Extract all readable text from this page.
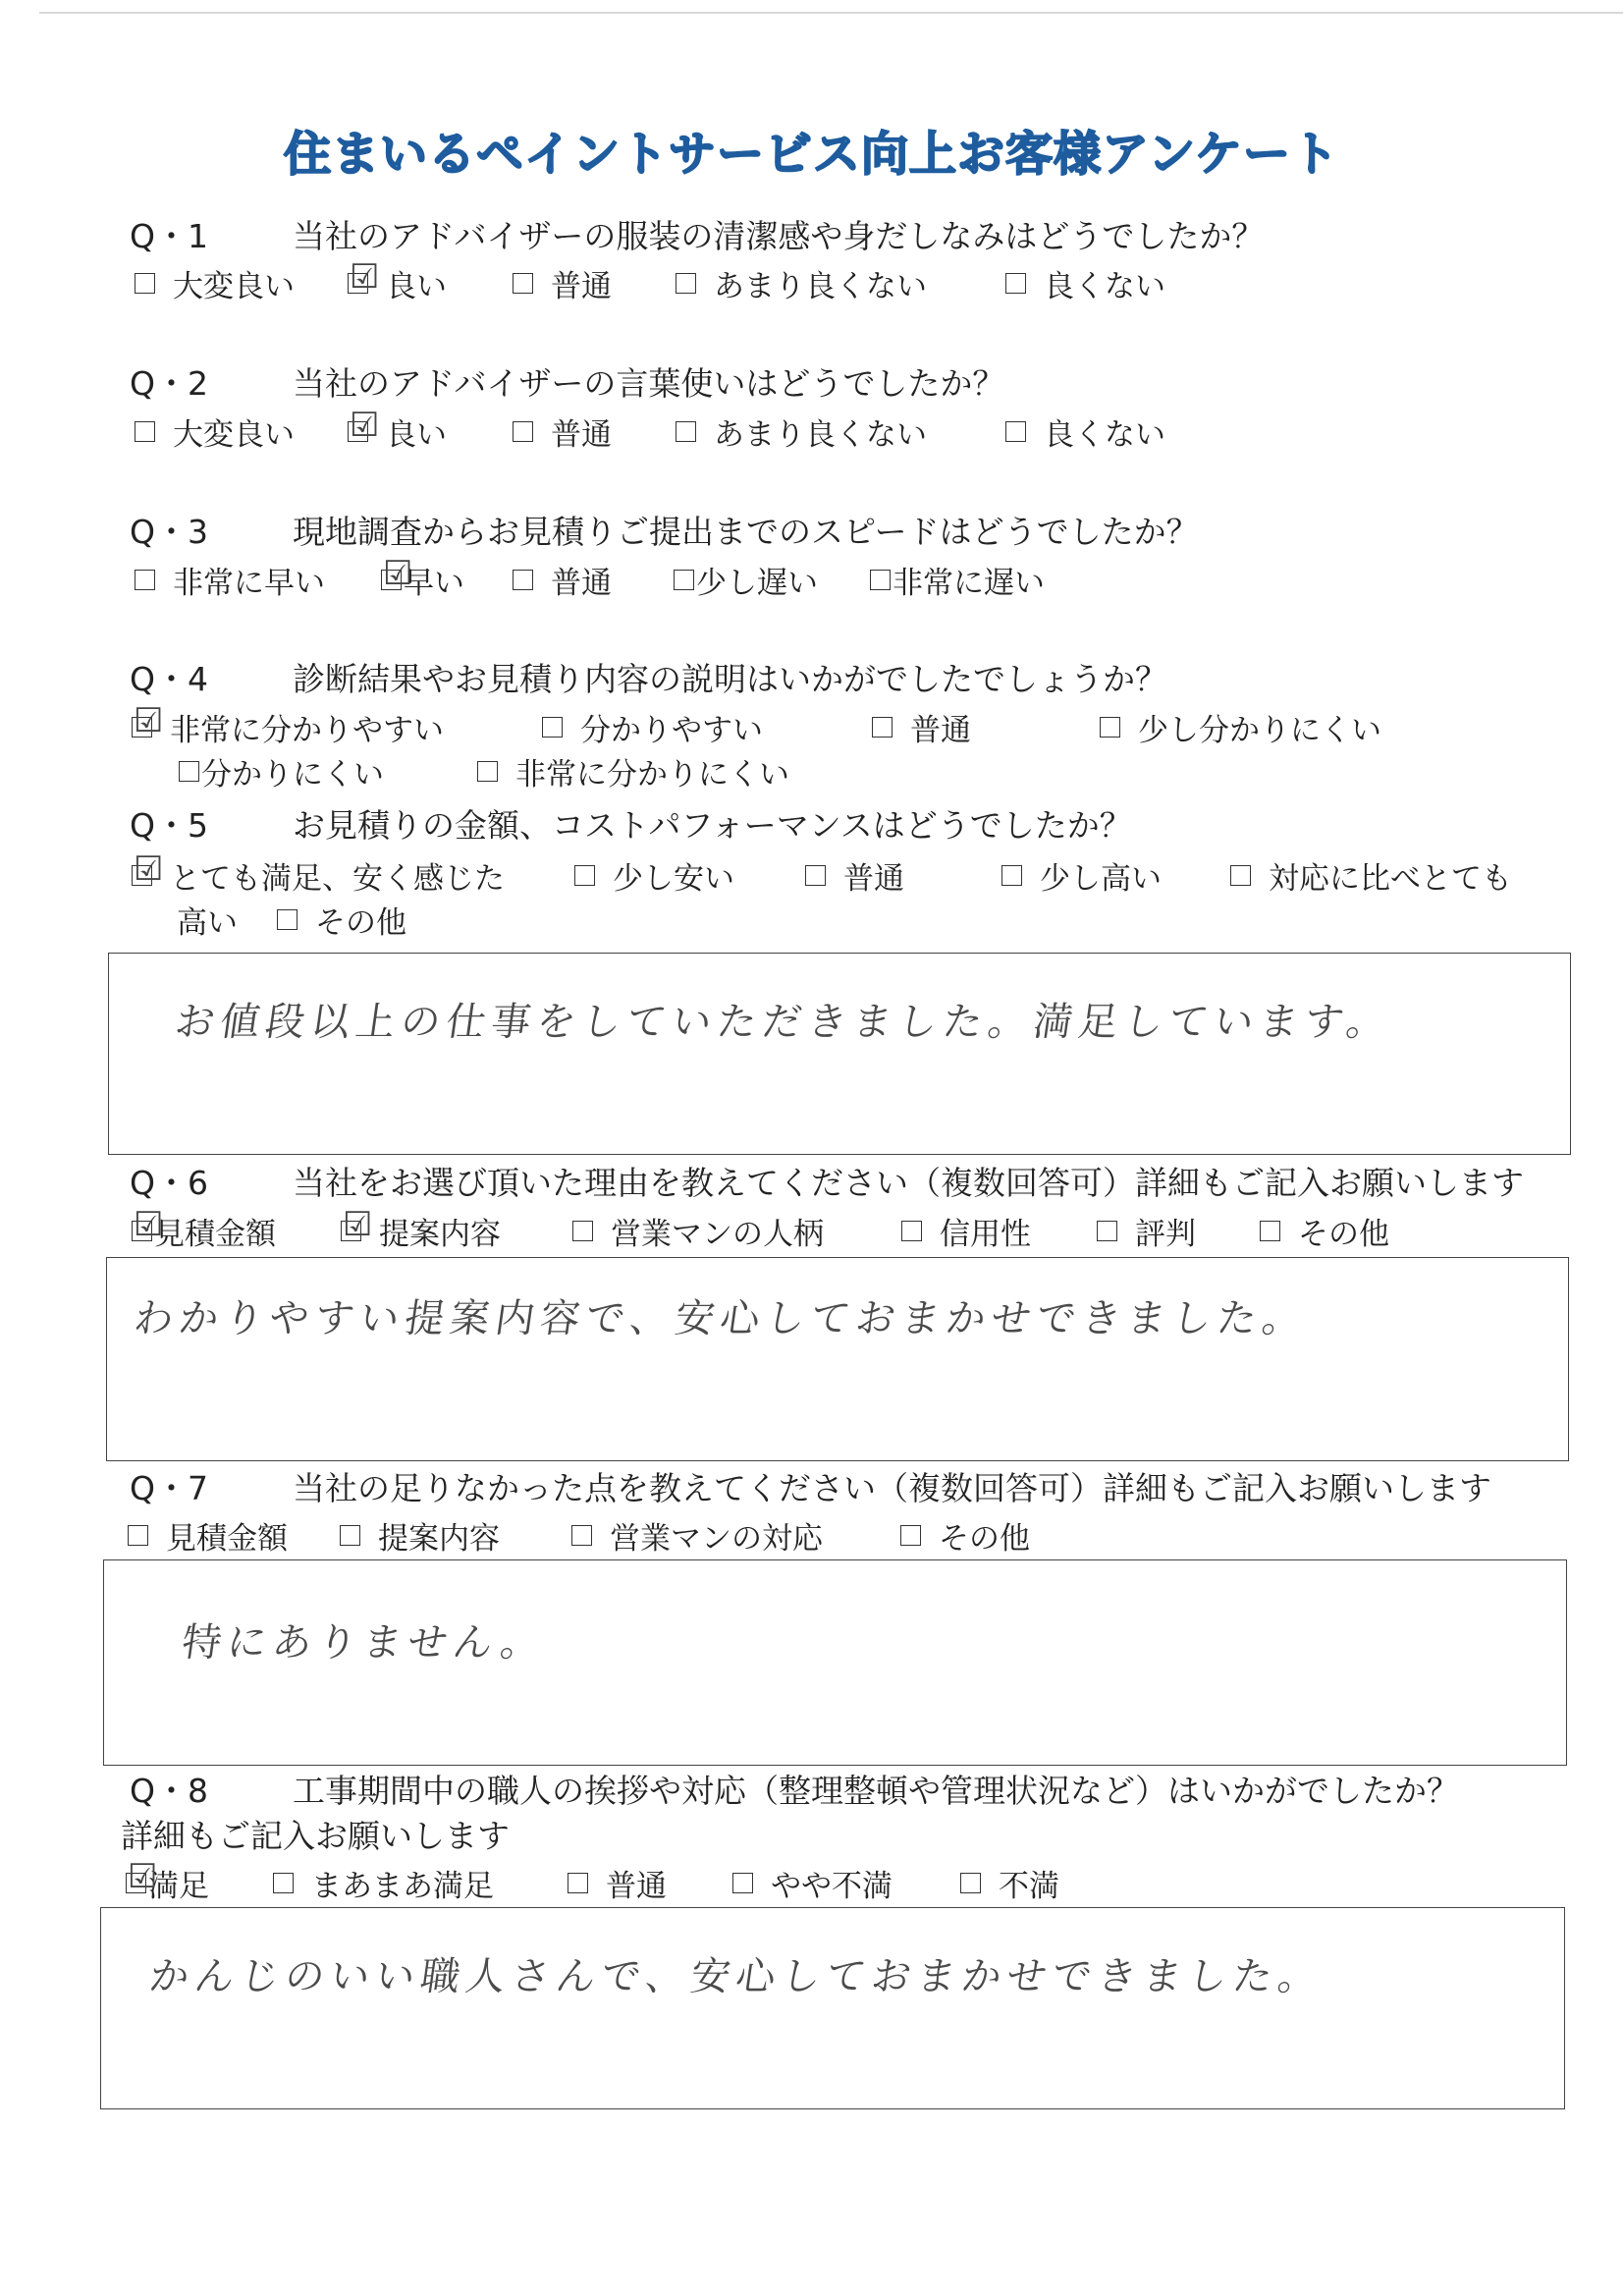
住まいるペイントサービス向上お客様アンケート
Q・1	当社のアドバイザーの服装の清潔感や身だしなみはどうでしたか？
大変良い ☑ 良い	普通	あまり良くない	良くない
Q・2	当社のアドバイザーの言葉使いはどうでしたか？
大変良い ☑ 良い	普通	あまり良くない	良くない
Q・3	現地調査からお見積りご提出までのスピードはどうでしたか？
非常に早い ☑
早い	普通	少し遅い 非常に遅い
Q・4	診断結果やお見積り内容の説明はいかがでしたでしょうか？
☑ 非常に分かりやすい	分かりやすい	普通	少し分かりにくい
分かりにくい	非常に分かりにくい
Q・5	お見積りの金額、コストパフォーマンスはどうでしたか？
☑ とても満足、安く感じた	少し安い	普通	少し高い	対応に比べとても
高い	その他
お値段以上の仕事をしていただきました。満足しています。
Q・6	当社をお選び頂いた理由を教えてください（複数回答可）詳細もご記入お願いします
☑
見積金額 ☑ 提案内容	営業マンの人柄	信用性	評判	その他
わかりやすい提案内容で、安心しておまかせできました。
Q・7	当社の足りなかった点を教えてください（複数回答可）詳細もご記入お願いします
見積金額	提案内容	営業マンの対応	その他
特にありません。
Q・8	工事期間中の職人の挨拶や対応（整理整頓や管理状況など）はいかがでしたか？
詳細もご記入お願いします
☑
満足	まあまあ満足	普通	やや不満	不満
かんじのいい職人さんで、安心しておまかせできました。
